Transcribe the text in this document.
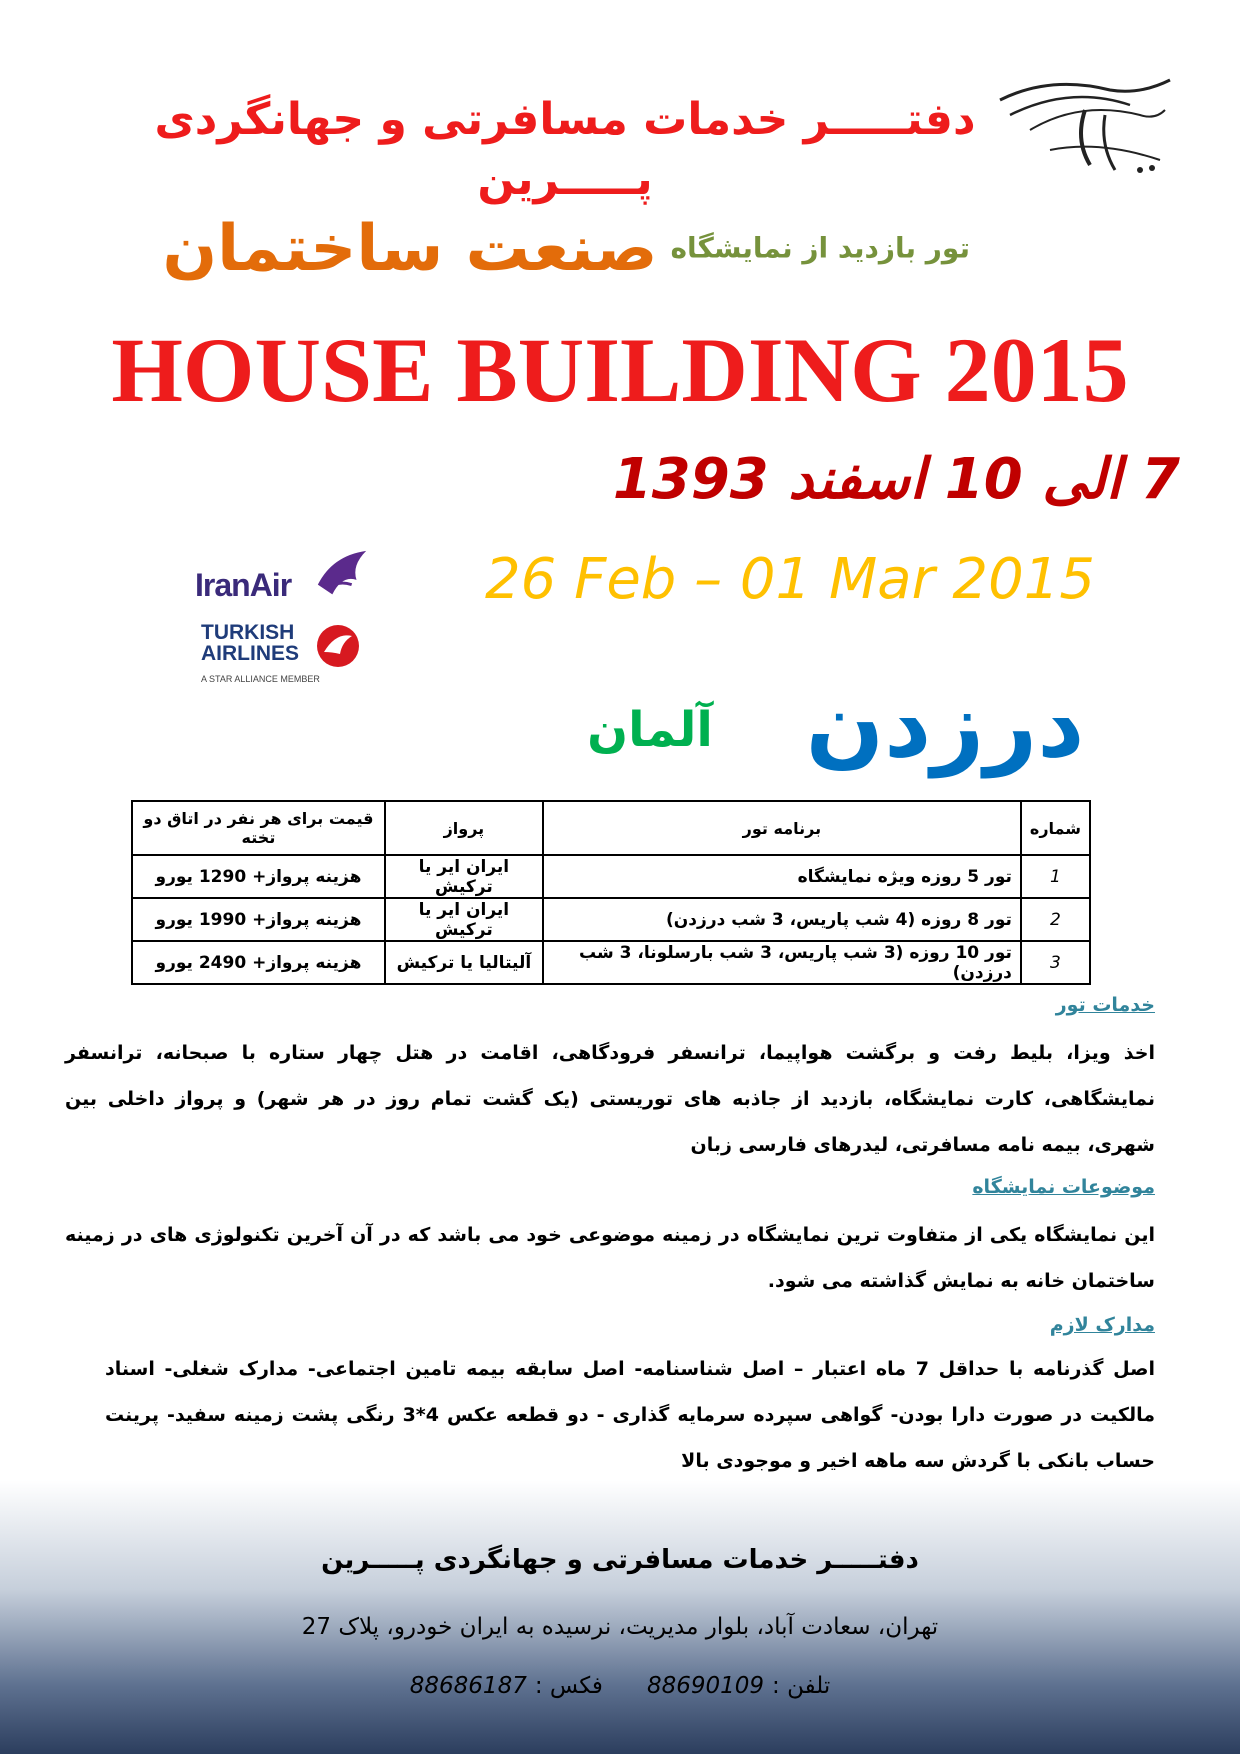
دفتـــــر خدمات مسافرتی و جهانگردی پـــــرین
تور بازدید از نمایشگاه صنعت ساختمان
HOUSE BUILDING 2015
7 الی 10 اسفند 1393
26 Feb – 01 Mar 2015
IranAir
TURKISH
AIRLINES
A STAR ALLIANCE MEMBER	درزدن
آلمان
شماره	برنامه تور	پرواز	قیمت برای هر نفر در اتاق دو تخته
1	تور 5 روزه ویژه نمایشگاه	ایران ایر یا ترکیش	هزینه پرواز+ 1290 یورو
2	تور 8 روزه (4 شب پاریس، 3 شب درزدن)	ایران ایر یا ترکیش	هزینه پرواز+ 1990 یورو
3	تور 10 روزه (3 شب پاریس، 3 شب بارسلونا، 3 شب درزدن)	آلیتالیا یا ترکیش	هزینه پرواز+ 2490 یورو
خدمات تور
اخذ ویزا، بلیط رفت و برگشت هواپیما، ترانسفر فرودگاهی، اقامت در هتل چهار ستاره با صبحانه، ترانسفر نمایشگاهی، کارت نمایشگاه، بازدید از جاذبه های توریستی (یک گشت تمام روز در هر شهر) و پرواز داخلی بین شهری، بیمه نامه مسافرتی، لیدرهای فارسی زبان
موضوعات نمایشگاه
این نمایشگاه یکی از متفاوت ترین نمایشگاه در زمینه موضوعی خود می باشد که در آن آخرین تکنولوژی های در زمینه ساختمان خانه به نمایش گذاشته می شود.
مدارک لازم
اصل گذرنامه با حداقل 7 ماه اعتبار – اصل شناسنامه- اصل سابقه بیمه تامین اجتماعی- مدارک شغلی- اسناد مالکیت در صورت دارا بودن- گواهی سپرده سرمایه گذاری - دو قطعه عکس 4*3 رنگی پشت زمینه سفید- پرینت حساب بانکی با گردش سه ماهه اخیر و موجودی بالا
دفتـــــر خدمات مسافرتی و جهانگردی پـــــرین
تهران، سعادت آباد، بلوار مدیریت، نرسیده به ایران خودرو، پلاک 27
تلفن :88690109فکس :88686187
